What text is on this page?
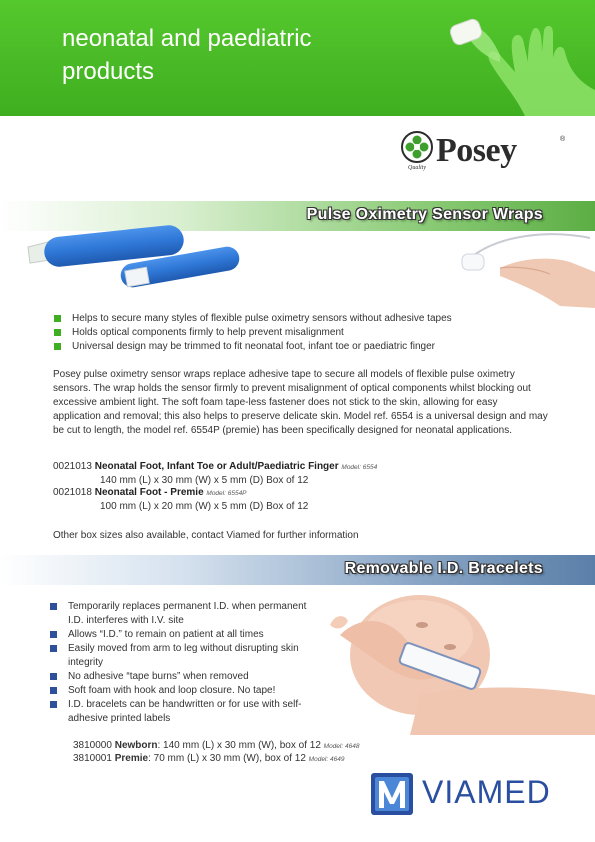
neonatal and paediatric
products
Quality Posey	®
Pulse Oximetry Sensor Wraps
Helps to secure many styles of flexible pulse oximetry sensors without adhesive tapes
Holds optical components firmly to help prevent misalignment
Universal design may be trimmed to fit neonatal foot, infant toe or paediatric finger

Posey pulse oximetry sensor wraps replace adhesive tape to secure all models of flexible pulse oximetry sensors. The wrap holds the sensor firmly to prevent misalignment of optical components whilst blocking out excessive ambient light. The soft foam tape-less fastener does not stick to the skin, allowing for easy application and removal; this also helps to preserve delicate skin. Model ref. 6554 is a universal design and may be cut to length, the model ref. 6554P (premie) has been specifically designed for neonatal applications.

0021013 Neonatal Foot, Infant Toe or Adult/Paediatric Finger Model: 6554
140 mm (L) x 30 mm (W) x 5 mm (D) Box of 12
0021018 Neonatal Foot - Premie Model: 6554P
100 mm (L) x 20 mm (W) x 5 mm (D) Box of 12
Other box sizes also available, contact Viamed for further information
Removable I.D. Bracelets
Temporarily replaces permanent I.D. when permanent I.D. interferes with I.V. site
Allows “I.D.” to remain on patient at all times
Easily moved from arm to leg without disrupting skin integrity
No adhesive “tape burns” when removed
Soft foam with hook and loop closure. No tape!
I.D. bracelets can be handwritten or for use with self-adhesive printed labels
3810000 Newborn: 140 mm (L) x 30 mm (W), box of 12 Model: 4648
3810001 Premie: 70 mm (L) x 30 mm (W), box of 12 Model: 4649
VIAMED
